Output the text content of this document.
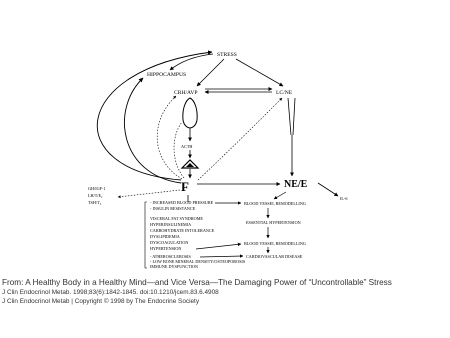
STRESS
HIPPOCAMPUS
CRH/AVP	LC/NE
ACTH
F	NE/E
IL-6
GH/IGF-1
LH/T/E₂
TSH/T₃	- INCREASED BLOOD PRESSURE
- INSULIN RESISTANCE
VISCERAL FAT SYNDROME
HYPERINSULINEMIA
CARBOHYDRATE INTOLERANCE
DYSLIPIDEMIA
DYSCOAGULATION
HYPERTENSION
- ATHEROSCLEROSIS
- LOW BONE MINERAL DENSITY/OSTEOPOROSIS
IMMUNE DYSFUNCTION
BLOOD VESSEL REMODELLING
ESSENTIAL HYPERTENSION
BLOOD VESSEL REMODELLING
CARDIOVASCULAR DISEASE
From: A Healthy Body in a Healthy Mind—and Vice Versa—The Damaging Power of “Uncontrollable” Stress
J Clin Endocrinol Metab. 1998;83(6):1842-1845. doi:10.1210/jcem.83.6.4908
J Clin Endocrinol Metab | Copyright © 1998 by The Endocrine Society
